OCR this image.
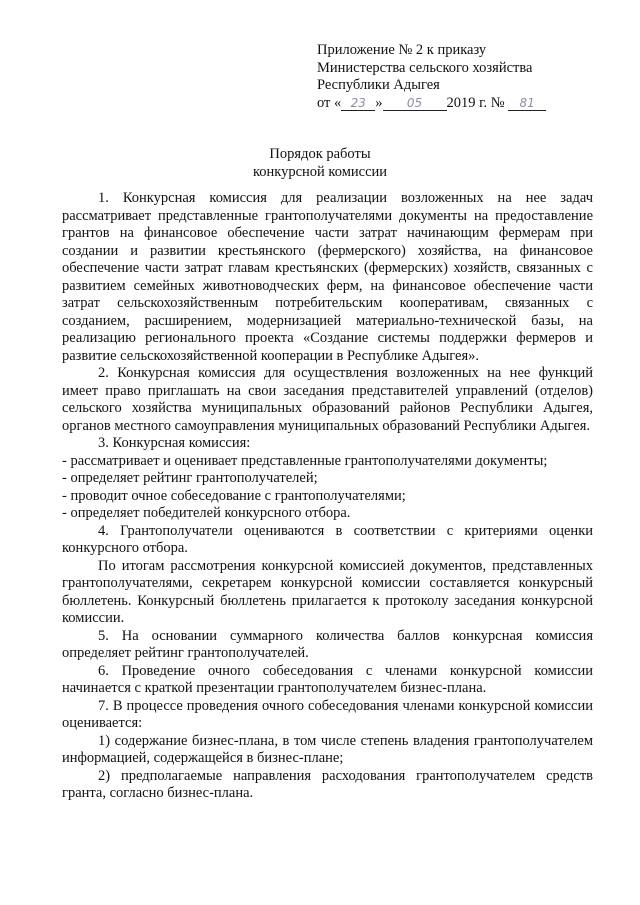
Приложение № 2 к приказу
Министерства сельского хозяйства
Республики Адыгея
от « 23 » 05 2019 г. № 81
Порядок работы
конкурсной комиссии

1. Конкурсная комиссия для реализации возложенных на нее задач рассматривает представленные грантополучателями документы на предоставление грантов на финансовое обеспечение части затрат начинающим фермерам при создании и развитии крестьянского (фермерского) хозяйства, на финансовое обеспечение части затрат главам крестьянских (фермерских) хозяйств, связанных с развитием семейных животноводческих ферм, на финансовое обеспечение части затрат сельскохозяйственным потребительским кооперативам, связанных с созданием, расширением, модернизацией материально-технической базы, на реализацию регионального проекта «Создание системы поддержки фермеров и развитие сельскохозяйственной кооперации в Республике Адыгея».

2. Конкурсная комиссия для осуществления возложенных на нее функций имеет право приглашать на свои заседания представителей управлений (отделов) сельского хозяйства муниципальных образований районов Республики Адыгея, органов местного самоуправления муниципальных образований Республики Адыгея.

3. Конкурсная комиссия:

- рассматривает и оценивает представленные грантополучателями документы;

- определяет рейтинг грантополучателей;

- проводит очное собеседование с грантополучателями;

- определяет победителей конкурсного отбора.

4. Грантополучатели оцениваются в соответствии с критериями оценки конкурсного отбора.

По итогам рассмотрения конкурсной комиссией документов, представленных грантополучателями, секретарем конкурсной комиссии составляется конкурсный бюллетень. Конкурсный бюллетень прилагается к протоколу заседания конкурсной комиссии.

5. На основании суммарного количества баллов конкурсная комиссия определяет рейтинг грантополучателей.

6. Проведение очного собеседования с членами конкурсной комиссии начинается с краткой презентации грантополучателем бизнес-плана.

7. В процессе проведения очного собеседования членами конкурсной комиссии оценивается:

1) содержание бизнес-плана, в том числе степень владения грантополучателем информацией, содержащейся в бизнес-плане;

2) предполагаемые направления расходования грантополучателем средств гранта, согласно бизнес-плана.
